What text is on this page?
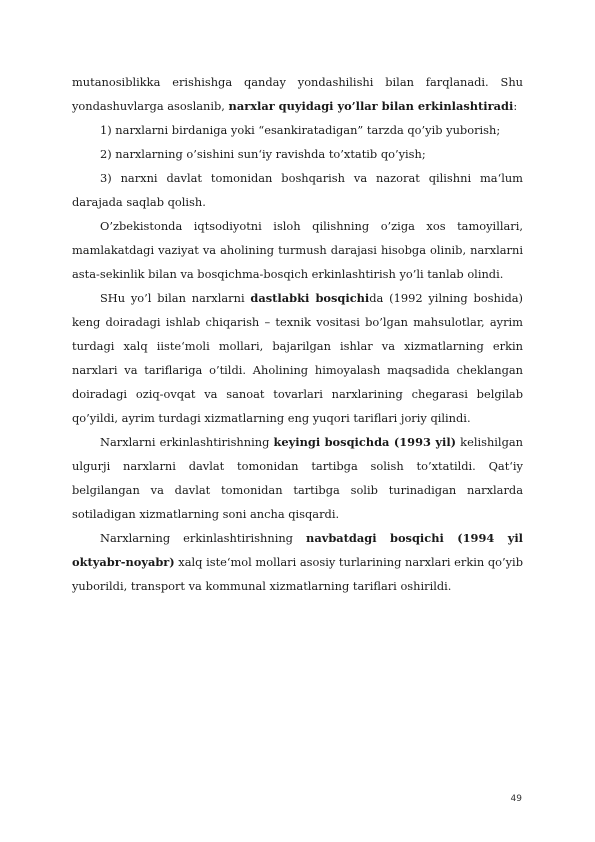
mutanosiblikka erishishga qanday yondashilishi bilan farqlanadi. Shu yondashuvlarga asoslanib, narxlar quyidagi yo’llar bilan erkinlashtiradi:

1) narxlarni birdaniga yoki “esankiratadigan” tarzda qo’yib yuborish;

2) narxlarning o’sishini sun‘iy ravishda to’xtatib qo’yish;

3) narxni davlat tomonidan boshqarish va nazorat qilishni ma‘lum darajada saqlab qolish.

O’zbekistonda iqtsodiyotni isloh qilishning o’ziga xos tamoyillari, mamlakatdagi vaziyat va aholining turmush darajasi hisobga olinib, narxlarni asta-sekinlik bilan va bosqichma-bosqich erkinlashtirish yo’li tanlab olindi.

SHu yo’l bilan narxlarni dastlabki bosqichida (1992 yilning boshida) keng doiradagi ishlab chiqarish – texnik vositasi bo’lgan mahsulotlar, ayrim turdagi xalq iiste‘moli mollari, bajarilgan ishlar va xizmatlarning erkin narxlari va tariflariga o’tildi. Aholining himoyalash maqsadida cheklangan doiradagi oziq-ovqat va sanoat tovarlari narxlarining chegarasi belgilab qo’yildi, ayrim turdagi xizmatlarning eng yuqori tariflari joriy qilindi.

Narxlarni erkinlashtirishning keyingi bosqichda (1993 yil) kelishilgan ulgurji narxlarni davlat tomonidan tartibga solish to’xtatildi. Qat‘iy belgilangan va davlat tomonidan tartibga solib turinadigan narxlarda sotiladigan xizmatlarning soni ancha qisqardi.

Narxlarning erkinlashtirishning navbatdagi bosqichi (1994 yil oktyabr-noyabr) xalq iste‘mol mollari asosiy turlarining narxlari erkin qo’yib yuborildi, transport va kommunal xizmatlarning tariflari oshirildi.

49
